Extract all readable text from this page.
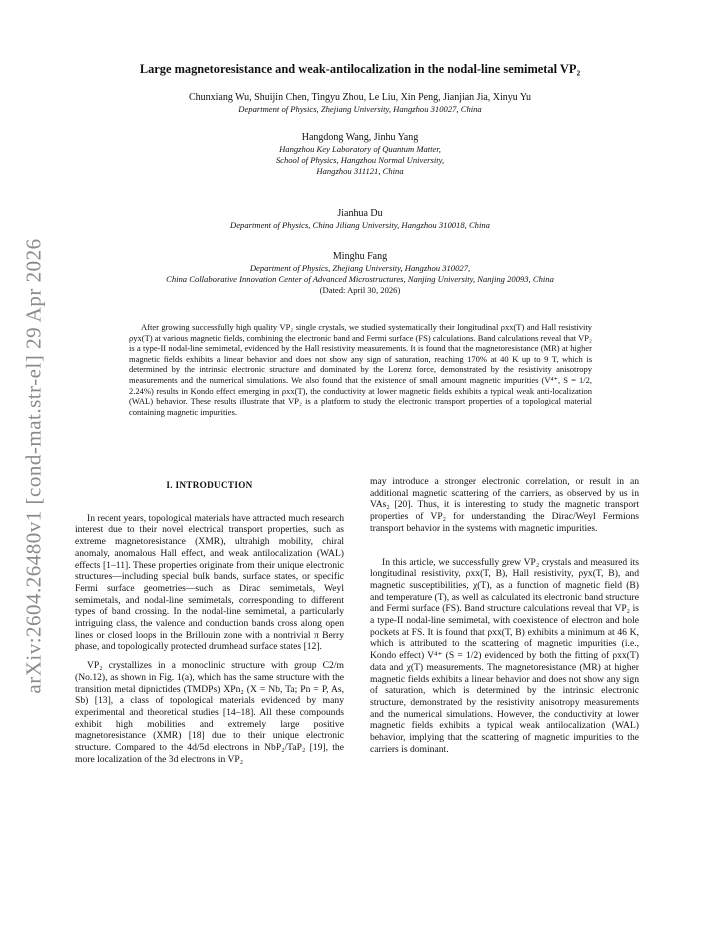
arXiv:2604.26480v1 [cond-mat.str-el] 29 Apr 2026
Large magnetoresistance and weak-antilocalization in the nodal-line semimetal VP₂
Chunxiang Wu, Shuijin Chen, Tingyu Zhou, Le Liu, Xin Peng, Jianjian Jia, Xinyu Yu
Department of Physics, Zhejiang University, Hangzhou 310027, China
Hangdong Wang, Jinhu Yang
Hangzhou Key Laboratory of Quantum Matter,
School of Physics, Hangzhou Normal University,
Hangzhou 311121, China
Jianhua Du
Department of Physics, China Jiliang University, Hangzhou 310018, China
Minghu Fang
Department of Physics, Zhejiang University, Hangzhou 310027,
China Collaborative Innovation Center of Advanced Microstructures, Nanjing University, Nanjing 20093, China
(Dated: April 30, 2026)
After growing successfully high quality VP₂ single crystals, we studied systematically their longitudinal ρxx(T) and Hall resistivity ρyx(T) at various magnetic fields, combining the electronic band and Fermi surface (FS) calculations. Band calculations reveal that VP₂ is a type-II nodal-line semimetal, evidenced by the Hall resistivity measurements. It is found that the magnetoresistance (MR) at higher magnetic fields exhibits a linear behavior and does not show any sign of saturation, reaching 170% at 40 K up to 9 T, which is determined by the intrinsic electronic structure and dominated by the Lorenz force, demonstrated by the resistivity anisotropy measurements and the numerical simulations. We also found that the existence of small amount magnetic impurities (V⁴⁺, S = 1/2, 2.24%) results in Kondo effect emerging in ρxx(T), the conductivity at lower magnetic fields exhibits a typical weak anti-localization (WAL) behavior. These results illustrate that VP₂ is a platform to study the electronic transport properties of a topological material containing magnetic impurities.
I. INTRODUCTION

In recent years, topological materials have attracted much research interest due to their novel electrical transport properties, such as extreme magnetoresistance (XMR), ultrahigh mobility, chiral anomaly, anomalous Hall effect, and weak antilocalization (WAL) effects [1–11]. These properties originate from their unique electronic structures—including special bulk bands, surface states, or specific Fermi surface geometries—such as Dirac semimetals, Weyl semimetals, and nodal-line semimetals, corresponding to different types of band crossing. In the nodal-line semimetal, a particularly intriguing class, the valence and conduction bands cross along open lines or closed loops in the Brillouin zone with a nontrivial π Berry phase, and topologically protected drumhead surface states [12].

VP₂ crystallizes in a monoclinic structure with group C2/m (No.12), as shown in Fig. 1(a), which has the same structure with the transition metal dipnictides (TMDPs) XPn₂ (X = Nb, Ta; Pn = P, As, Sb) [13], a class of topological materials evidenced by many experimental and theoretical studies [14–18]. All these compounds exhibit high mobilities and extremely large positive magnetoresistance (XMR) [18] due to their unique electronic structure. Compared to the 4d/5d electrons in NbP₂/TaP₂ [19], the more localization of the 3d electrons in VP₂

may introduce a stronger electronic correlation, or result in an additional magnetic scattering of the carriers, as observed by us in VAs₂ [20]. Thus, it is interesting to study the magnetic transport properties of VP₂ for understanding the Dirac/Weyl Fermions transport behavior in the systems with magnetic impurities.

In this article, we successfully grew VP₂ crystals and measured its longitudinal resistivity, ρxx(T, B), Hall resistivity, ρyx(T, B), and magnetic susceptibilities, χ(T), as a function of magnetic field (B) and temperature (T), as well as calculated its electronic band structure and Fermi surface (FS). Band structure calculations reveal that VP₂ is a type-II nodal-line semimetal, with coexistence of electron and hole pockets at FS. It is found that ρxx(T, B) exhibits a minimum at 46 K, which is attributed to the scattering of magnetic impurities (i.e., Kondo effect) V⁴⁺ (S = 1/2) evidenced by both the fitting of ρxx(T) data and χ(T) measurements. The magnetoresistance (MR) at higher magnetic fields exhibits a linear behavior and does not show any sign of saturation, which is determined by the intrinsic electronic structure, demonstrated by the resistivity anisotropy measurements and the numerical simulations. However, the conductivity at lower magnetic fields exhibits a typical weak antilocalization (WAL) behavior, implying that the scattering of magnetic impurities to the carriers is dominant.
